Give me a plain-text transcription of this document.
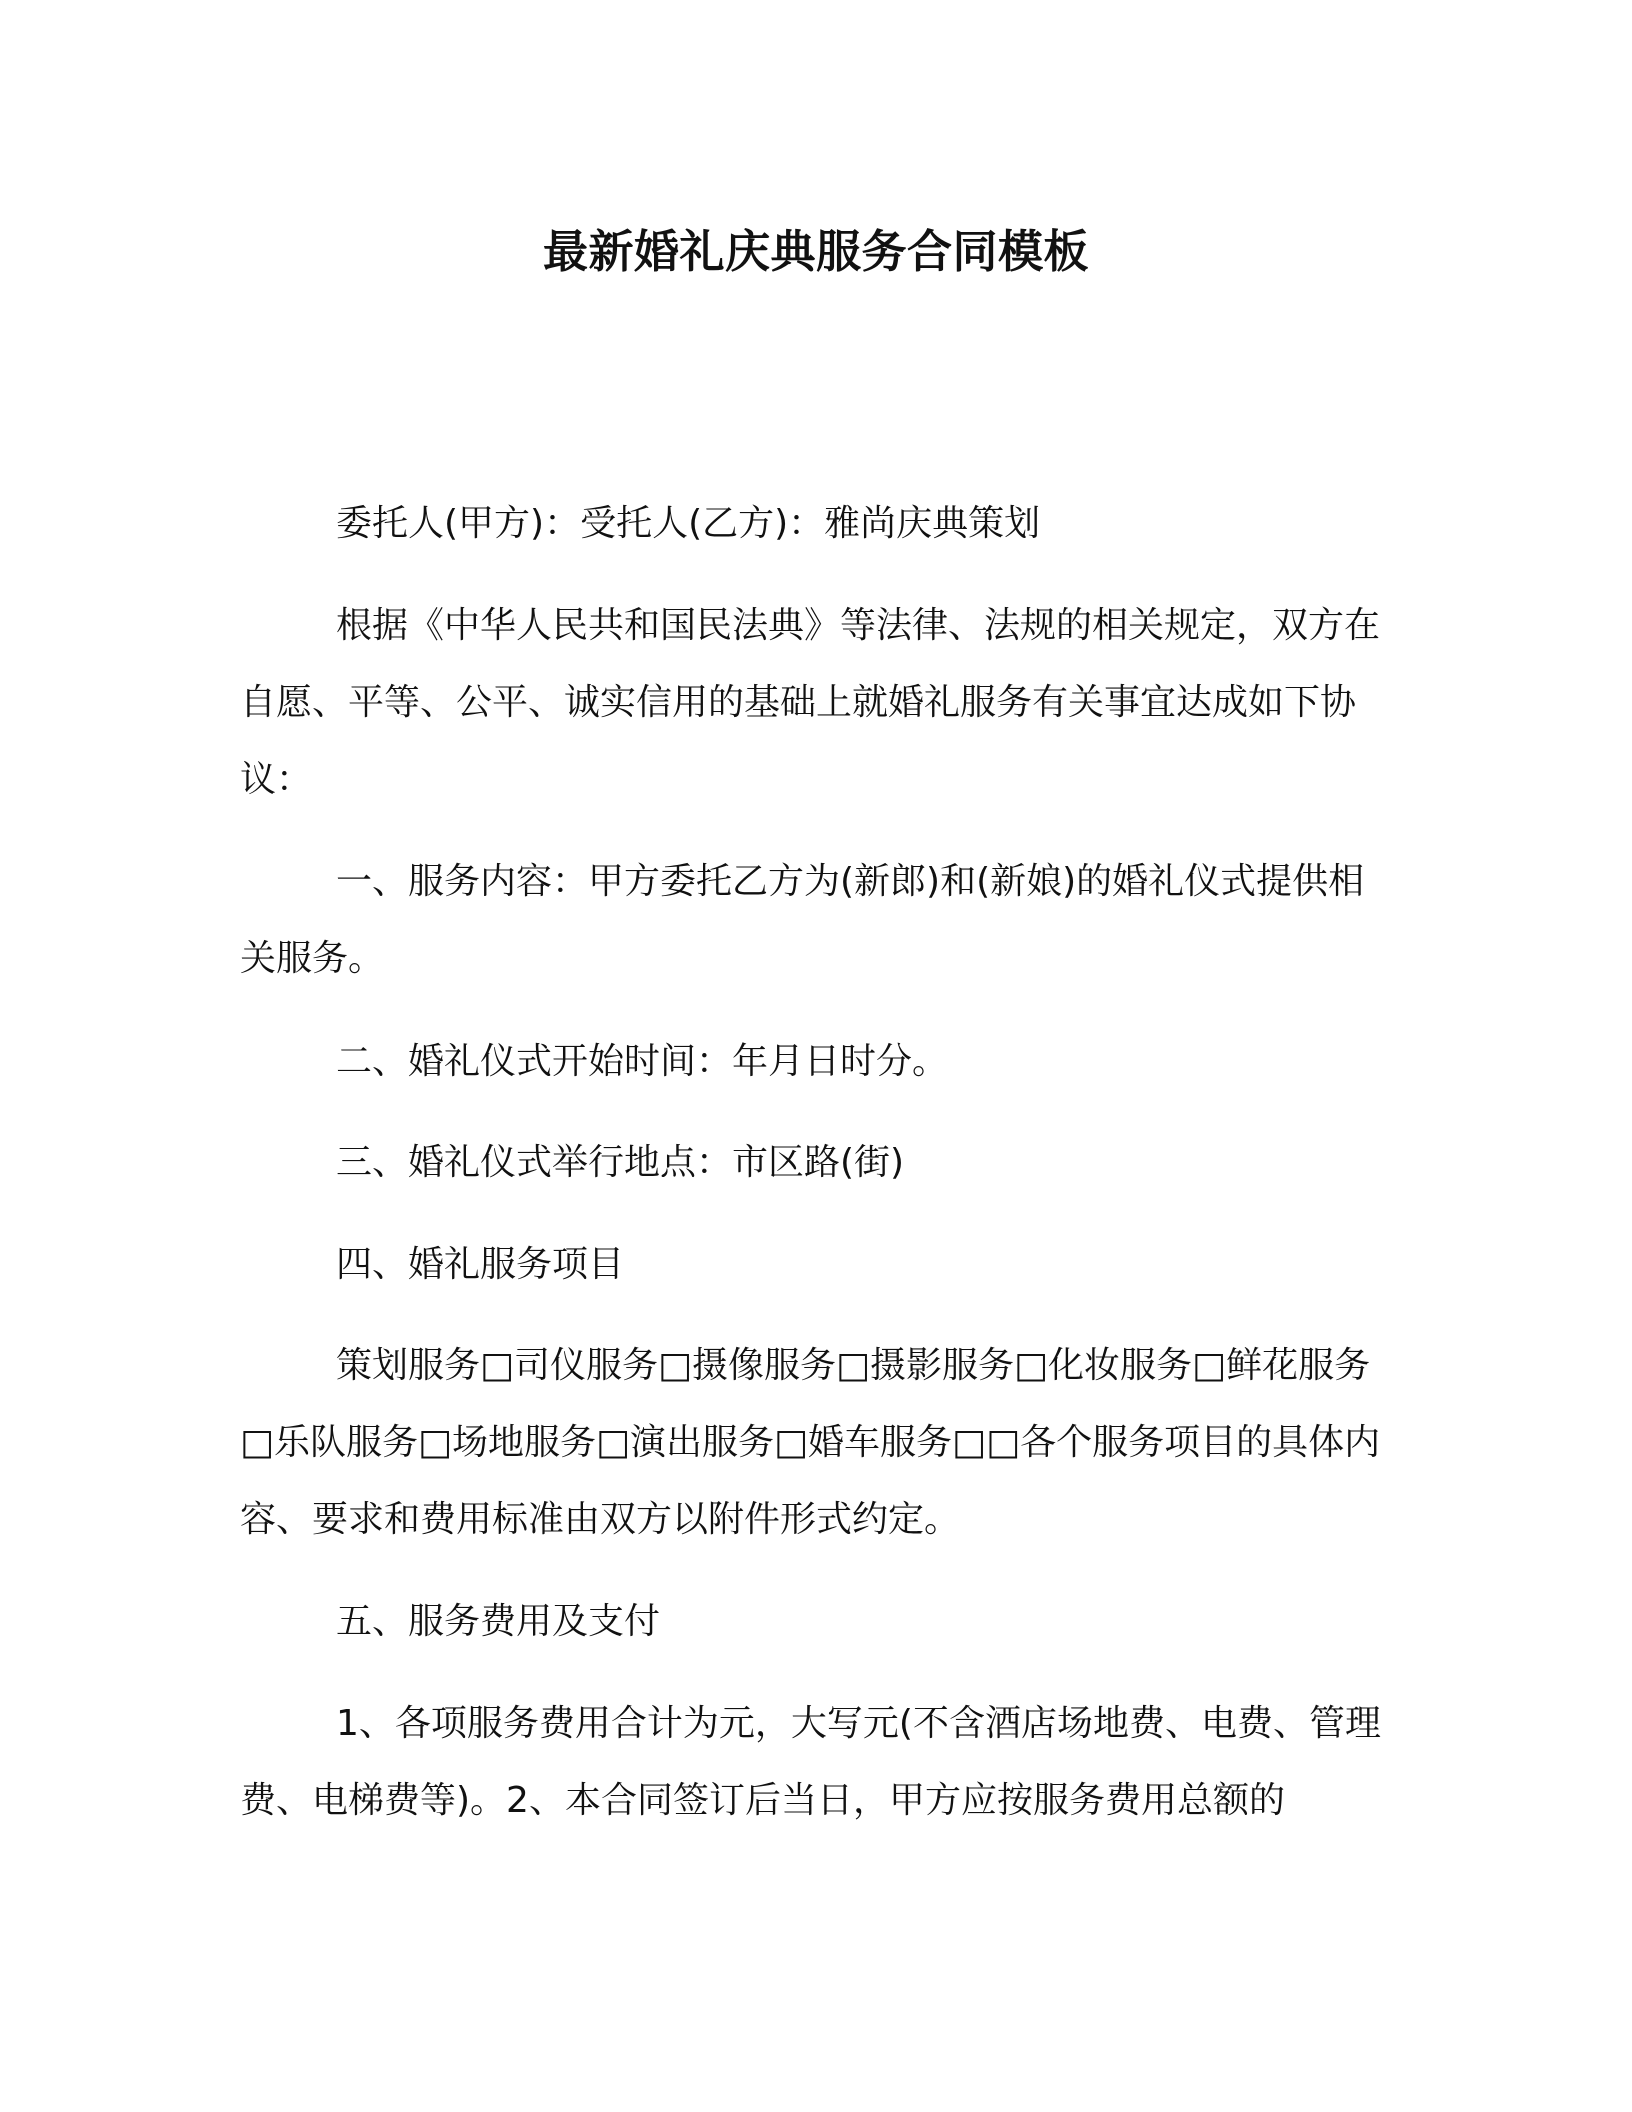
最新婚礼庆典服务合同模板

委托人(甲方)：受托人(乙方)：雅尚庆典策划

根据《中华人民共和国民法典》等法律、法规的相关规定，双方在自愿、平等、公平、诚实信用的基础上就婚礼服务有关事宜达成如下协议：

一、服务内容：甲方委托乙方为(新郎)和(新娘)的婚礼仪式提供相关服务。

二、婚礼仪式开始时间：年月日时分。

三、婚礼仪式举行地点：市区路(街)

四、婚礼服务项目

策划服务□司仪服务□摄像服务□摄影服务□化妆服务□鲜花服务□乐队服务□场地服务□演出服务□婚车服务□□各个服务项目的具体内容、要求和费用标准由双方以附件形式约定。

五、服务费用及支付

1、各项服务费用合计为元，大写元(不含酒店场地费、电费、管理费、电梯费等)。2、本合同签订后当日，甲方应按服务费用总额的
